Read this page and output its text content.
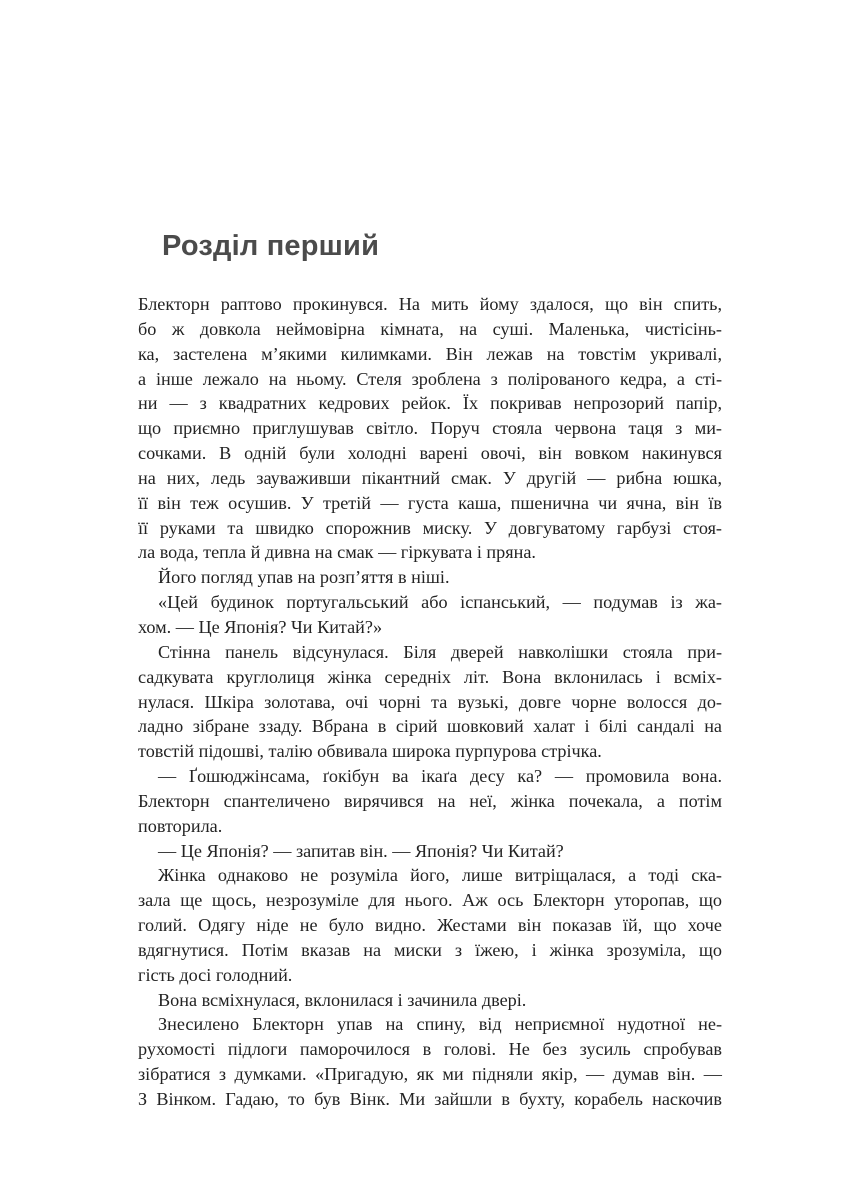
Розділ перший

Блекторн раптово прокинувся. На мить йому здалося, що він спить,
бо ж довкола неймовірна кімната, на суші. Маленька, чистісінь-
ка, застелена м’якими килимками. Він лежав на товстім укривалі,
а інше лежало на ньому. Стеля зроблена з полірованого кедра, а сті-
ни — з квадратних кедрових рейок. Їх покривав непрозорий папір,
що приємно приглушував світло. Поруч стояла червона таця з ми-
сочками. В одній були холодні варені овочі, він вовком накинувся
на них, ледь зауваживши пікантний смак. У другій — рибна юшка,
її він теж осушив. У третій — густа каша, пшенична чи ячна, він їв
її руками та швидко спорожнив миску. У довгуватому гарбузі стоя-
ла вода, тепла й дивна на смак — гіркувата і пряна.

Його погляд упав на розп’яття в ніші.

«Цей будинок португальський або іспанський, — подумав із жа-
хом. — Це Японія? Чи Китай?»

Стінна панель відсунулася. Біля дверей навколішки стояла при-
садкувата круглолиця жінка середніх літ. Вона вклонилась і всміх-
нулася. Шкіра золотава, очі чорні та вузькі, довге чорне волосся до-
ладно зібране ззаду. Вбрана в сірий шовковий халат і білі сандалі на
товстій підошві, талію обвивала широка пурпурова стрічка.

— Ґошюджінсама, ґокібун ва ікаґа десу ка? — промовила вона.
Блекторн спантеличено вирячився на неї, жінка почекала, а потім
повторила.

— Це Японія? — запитав він. — Японія? Чи Китай?

Жінка однаково не розуміла його, лише витріщалася, а тоді ска-
зала ще щось, незрозуміле для нього. Аж ось Блекторн уторопав, що
голий. Одягу ніде не було видно. Жестами він показав їй, що хоче
вдягнутися. Потім вказав на миски з їжею, і жінка зрозуміла, що
гість досі голодний.

Вона всміхнулася, вклонилася і зачинила двері.

Знесилено Блекторн упав на спину, від неприємної нудотної не-
рухомості підлоги паморочилося в голові. Не без зусиль спробував
зібратися з думками. «Пригадую, як ми підняли якір, — думав він. —
З Вінком. Гадаю, то був Вінк. Ми зайшли в бухту, корабель наскочив
